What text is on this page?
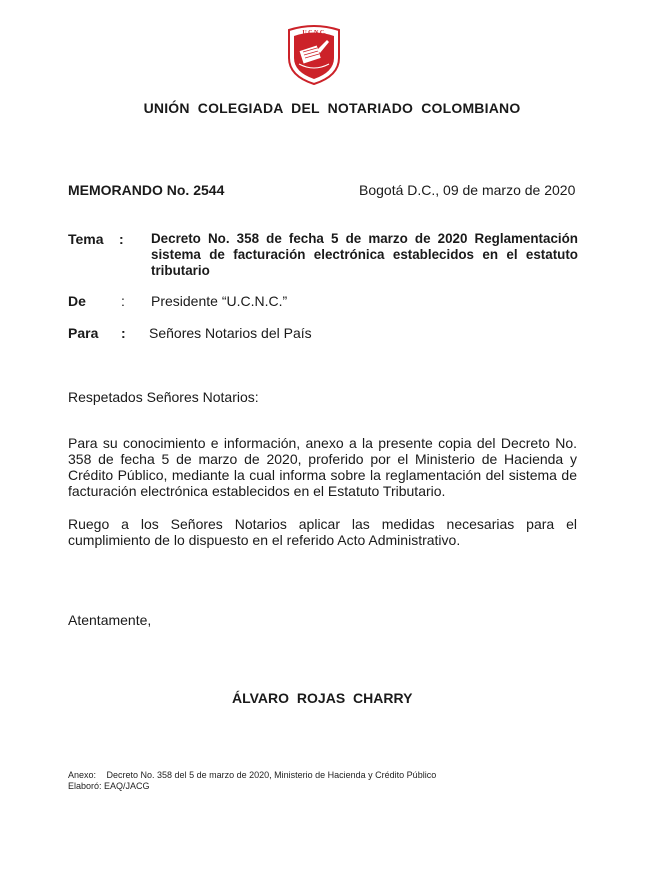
U.C.N.C.
UNIÓN COLEGIADA DEL NOTARIADO COLOMBIANO
MEMORANDO No. 2544	Bogotá D.C., 09 de marzo de 2020
Tema : Decreto No. 358 de fecha 5 de marzo de 2020 Reglamentación sistema de facturación electrónica establecidos en el estatuto tributario
De	: Presidente “U.C.N.C.”
Para : Señores Notarios del País
Respetados Señores Notarios:
Para su conocimiento e información, anexo a la presente copia del Decreto No. 358 de fecha 5 de marzo de 2020, proferido por el Ministerio de Hacienda y Crédito Público, mediante la cual informa sobre la reglamentación del sistema de facturación electrónica establecidos en el Estatuto Tributario.
Ruego a los Señores Notarios aplicar las medidas necesarias para el cumplimiento de lo dispuesto en el referido Acto Administrativo.
Atentamente,
ÁLVARO ROJAS CHARRY
Anexo: Decreto No. 358 del 5 de marzo de 2020, Ministerio de Hacienda y Crédito Público
Elaboró: EAQ/JACG
